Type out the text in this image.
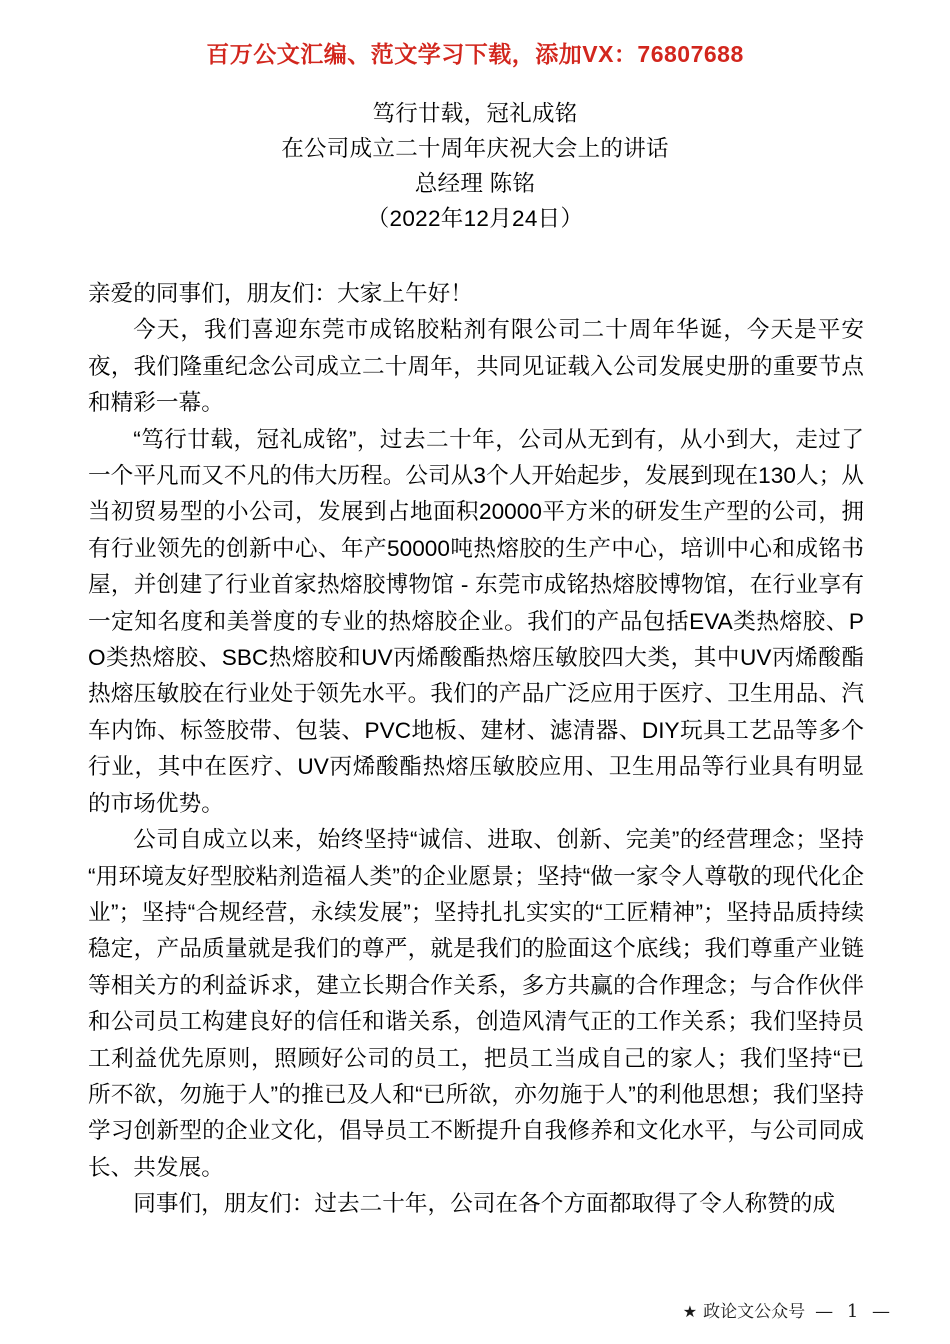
百万公文汇编、范文学习下载，添加VX：76807688
笃行廿载，冠礼成铭
在公司成立二十周年庆祝大会上的讲话
总经理 陈铭
（2022年12月24日）

亲爱的同事们，朋友们：大家上午好！

今天，我们喜迎东莞市成铭胶粘剂有限公司二十周年华诞，今天是平安夜，我们隆重纪念公司成立二十周年，共同见证载入公司发展史册的重要节点和精彩一幕。

“笃行廿载，冠礼成铭”，过去二十年，公司从无到有，从小到大，走过了一个平凡而又不凡的伟大历程。公司从3个人开始起步，发展到现在130人；从当初贸易型的小公司，发展到占地面积20000平方米的研发生产型的公司，拥有行业领先的创新中心、年产50000吨热熔胶的生产中心，培训中心和成铭书屋，并创建了行业首家热熔胶博物馆 - 东莞市成铭热熔胶博物馆，在行业享有一定知名度和美誉度的专业的热熔胶企业。我们的产品包括EVA类热熔胶、PO类热熔胶、SBC热熔胶和UV丙烯酸酯热熔压敏胶四大类，其中UV丙烯酸酯热熔压敏胶在行业处于领先水平。我们的产品广泛应用于医疗、卫生用品、汽车内饰、标签胶带、包装、PVC地板、建材、滤清器、DIY玩具工艺品等多个行业，其中在医疗、UV丙烯酸酯热熔压敏胶应用、卫生用品等行业具有明显的市场优势。

公司自成立以来，始终坚持“诚信、进取、创新、完美”的经营理念；坚持“用环境友好型胶粘剂造福人类”的企业愿景；坚持“做一家令人尊敬的现代化企业”；坚持“合规经营，永续发展”；坚持扎扎实实的“工匠精神”；坚持品质持续稳定，产品质量就是我们的尊严，就是我们的脸面这个底线；我们尊重产业链等相关方的利益诉求，建立长期合作关系，多方共赢的合作理念；与合作伙伴和公司员工构建良好的信任和谐关系，创造风清气正的工作关系；我们坚持员工利益优先原则，照顾好公司的员工，把员工当成自己的家人；我们坚持“已所不欲，勿施于人”的推已及人和“已所欲，亦勿施于人”的利他思想；我们坚持学习创新型的企业文化，倡导员工不断提升自我修养和文化水平，与公司同成长、共发展。

同事们，朋友们：过去二十年，公司在各个方面都取得了令人称赞的成

★ 政论文公众号 — 1 —
